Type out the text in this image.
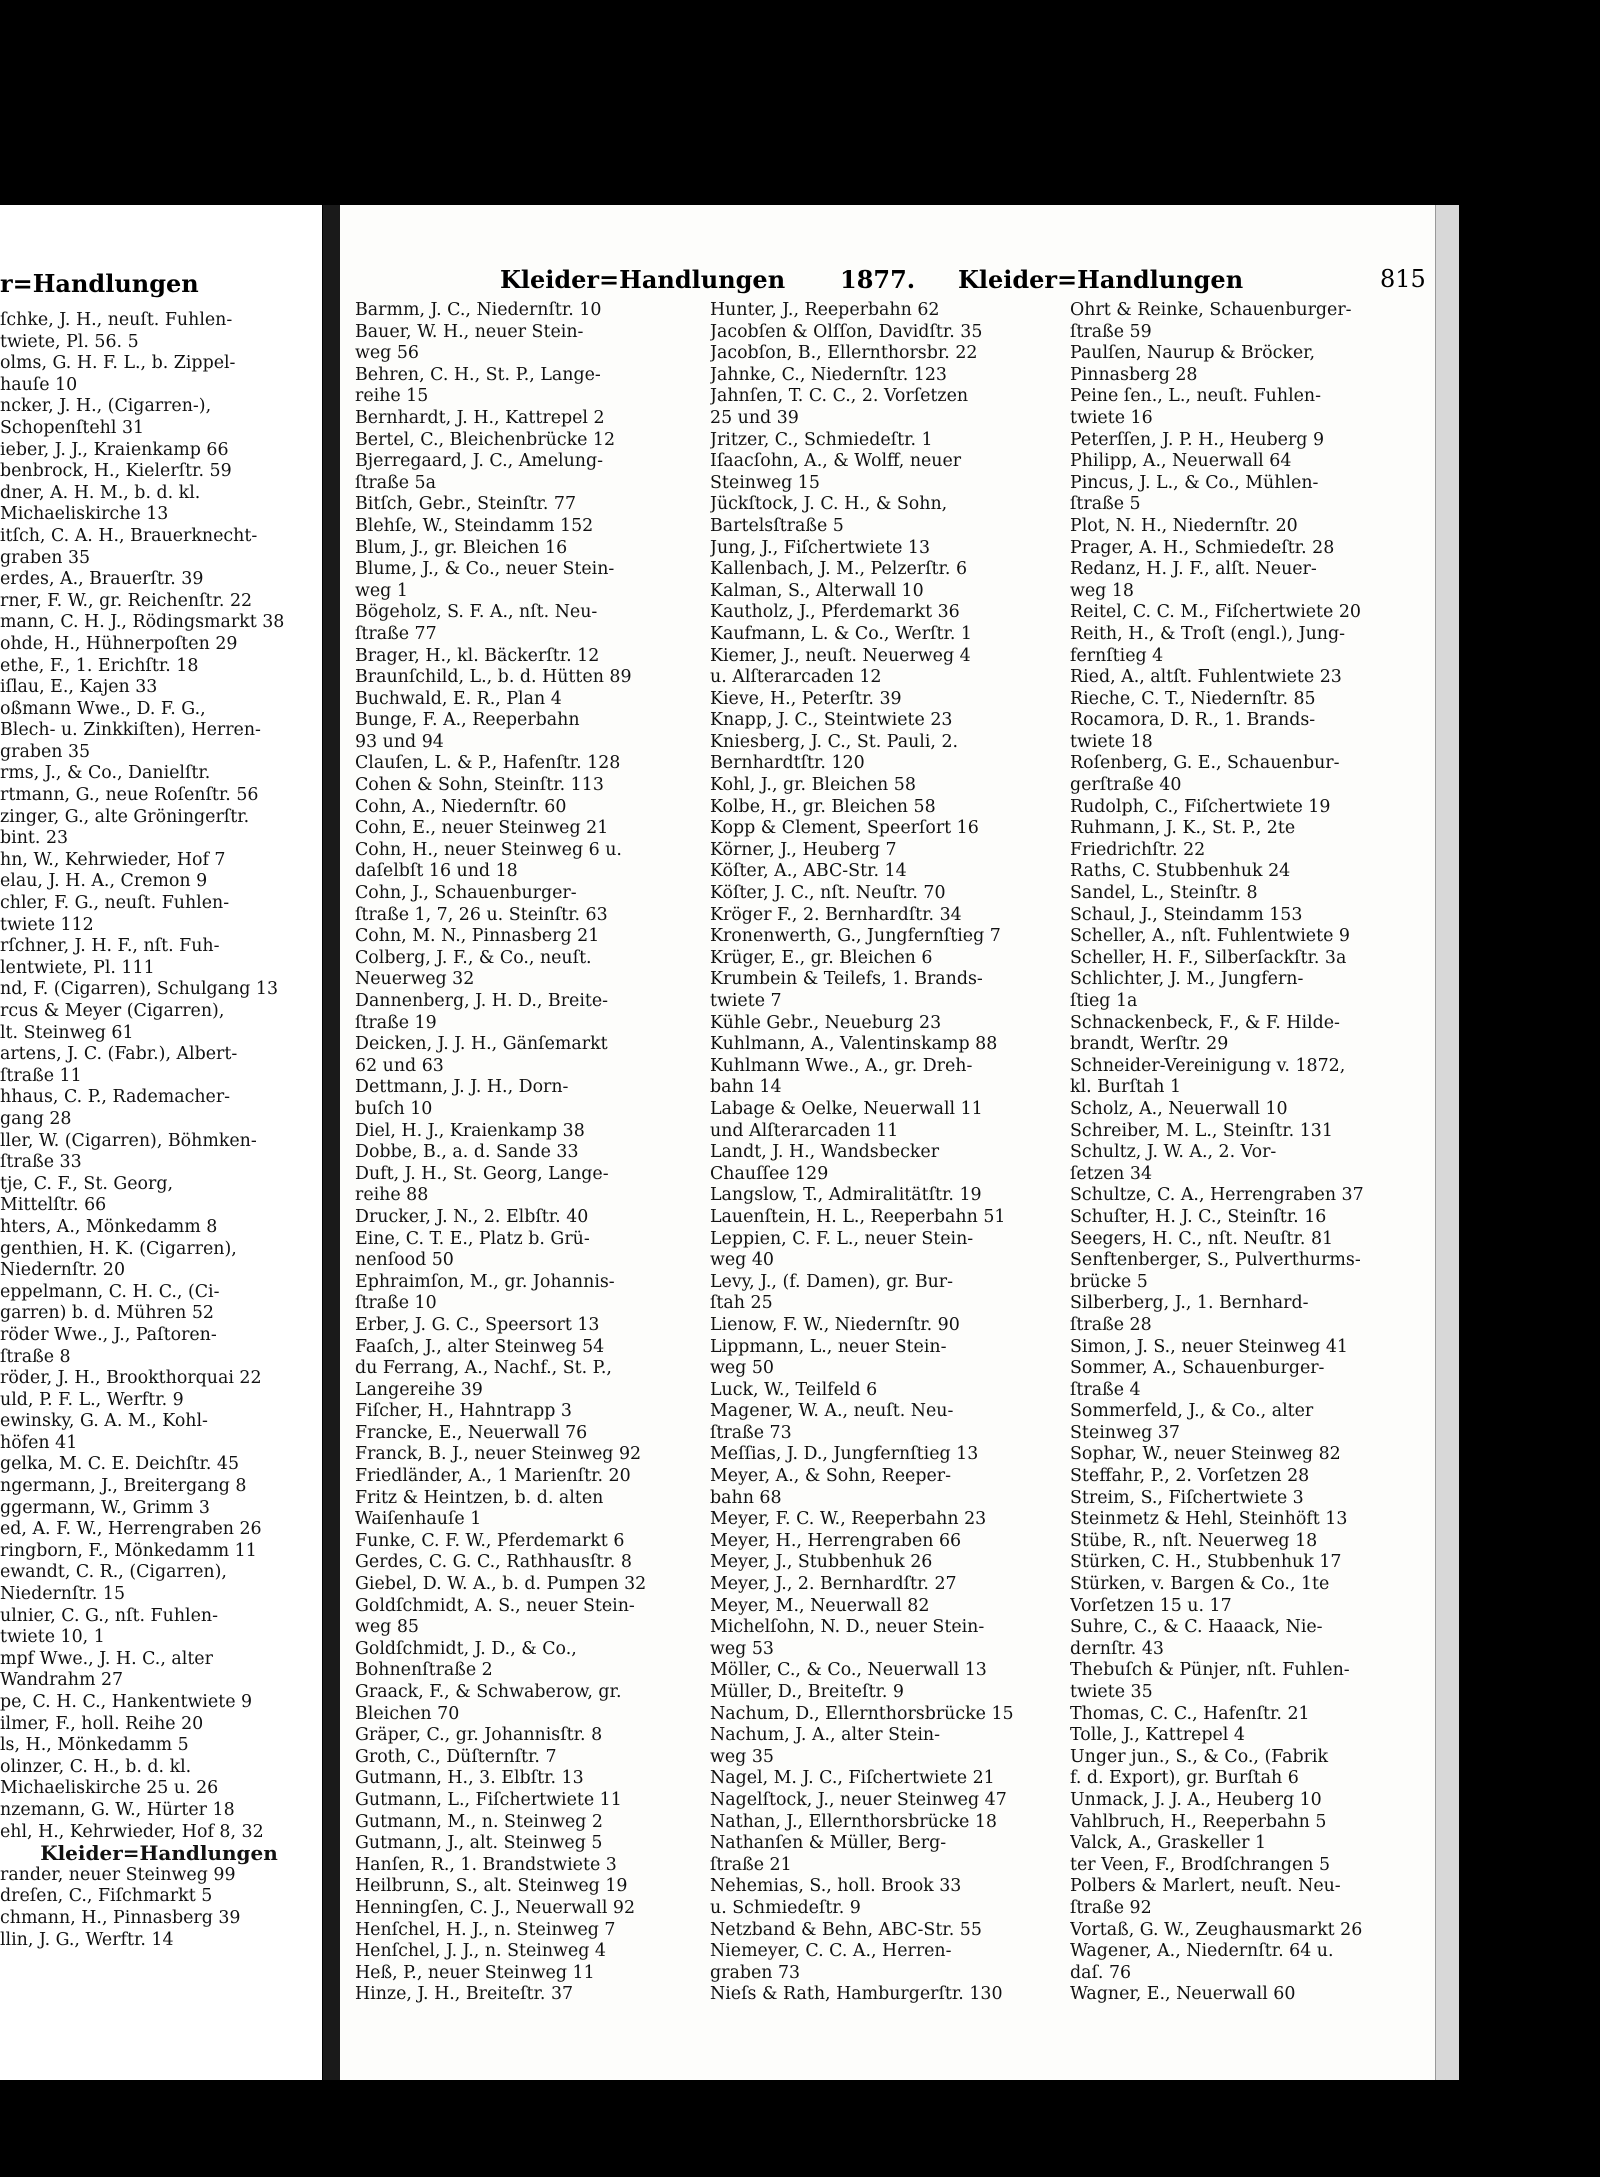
r=Handlungen
ſchke, J. H., neuſt. Fuhlen-
twiete, Pl. 56. 5
olms, G. H. F. L., b. Zippel-
hauſe 10
ncker, J. H., (Cigarren-),
Schopenſtehl 31
ieber, J. J., Kraienkamp 66
benbrock, H., Kielerſtr. 59
dner, A. H. M., b. d. kl.
Michaeliskirche 13
itſch, C. A. H., Brauerknecht-
graben 35
erdes, A., Brauerſtr. 39
rner, F. W., gr. Reichenſtr. 22
mann, C. H. J., Rödingsmarkt 38
ohde, H., Hühnerpoſten 29
ethe, F., 1. Erichſtr. 18
iſlau, E., Kajen 33
oßmann Wwe., D. F. G.,
Blech- u. Zinkkiſten), Herren-
graben 35
rms, J., & Co., Danielſtr.
rtmann, G., neue Roſenſtr. 56
zinger, G., alte Gröningerſtr.
bint. 23
hn, W., Kehrwieder, Hof 7
elau, J. H. A., Cremon 9
chler, F. G., neuſt. Fuhlen-
twiete 112
rſchner, J. H. F., nſt. Fuh-
lentwiete, Pl. 111
nd, F. (Cigarren), Schulgang 13
rcus & Meyer (Cigarren),
lt. Steinweg 61
artens, J. C. (Fabr.), Albert-
ſtraße 11
hhaus, C. P., Rademacher-
gang 28
ller, W. (Cigarren), Böhmken-
ſtraße 33
tje, C. F., St. Georg,
Mittelſtr. 66
hters, A., Mönkedamm 8
genthien, H. K. (Cigarren),
Niedernſtr. 20
eppelmann, C. H. C., (Ci-
garren) b. d. Mühren 52
röder Wwe., J., Paſtoren-
ſtraße 8
röder, J. H., Brookthorquai 22
uld, P. F. L., Werftr. 9
ewinsky, G. A. M., Kohl-
höfen 41
gelka, M. C. E. Deichſtr. 45
ngermann, J., Breitergang 8
ggermann, W., Grimm 3
ed, A. F. W., Herrengraben 26
ringborn, F., Mönkedamm 11
ewandt, C. R., (Cigarren),
Niedernſtr. 15
ulnier, C. G., nſt. Fuhlen-
twiete 10, 1
mpf Wwe., J. H. C., alter
Wandrahm 27
pe, C. H. C., Hankentwiete 9
ilmer, F., holl. Reihe 20
ls, H., Mönkedamm 5
olinzer, C. H., b. d. kl.
Michaeliskirche 25 u. 26
nzemann, G. W., Hürter 18
ehl, H., Kehrwieder, Hof 8, 32
Kleider=Handlungen
rander, neuer Steinweg 99
dreſen, C., Fiſchmarkt 5
chmann, H., Pinnasberg 39
llin, J. G., Werftr. 14
Kleider=Handlungen 1877. Kleider=Handlungen	815
Barmm, J. C., Niedernſtr. 10
Bauer, W. H., neuer Stein-
weg 56
Behren, C. H., St. P., Lange-
reihe 15
Bernhardt, J. H., Kattrepel 2
Bertel, C., Bleichenbrücke 12
Bjerregaard, J. C., Amelung-
ſtraße 5a
Bitſch, Gebr., Steinſtr. 77
Blehſe, W., Steindamm 152
Blum, J., gr. Bleichen 16
Blume, J., & Co., neuer Stein-
weg 1
Bögeholz, S. F. A., nſt. Neu-
ſtraße 77
Brager, H., kl. Bäckerſtr. 12
Braunſchild, L., b. d. Hütten 89
Buchwald, E. R., Plan 4
Bunge, F. A., Reeperbahn
93 und 94
Clauſen, L. & P., Hafenſtr. 128
Cohen & Sohn, Steinſtr. 113
Cohn, A., Niedernſtr. 60
Cohn, E., neuer Steinweg 21
Cohn, H., neuer Steinweg 6 u.
daſelbſt 16 und 18
Cohn, J., Schauenburger-
ſtraße 1, 7, 26 u. Steinſtr. 63
Cohn, M. N., Pinnasberg 21
Colberg, J. F., & Co., neuſt.
Neuerweg 32
Dannenberg, J. H. D., Breite-
ſtraße 19
Deicken, J. J. H., Gänſemarkt
62 und 63
Dettmann, J. J. H., Dorn-
buſch 10
Diel, H. J., Kraienkamp 38
Dobbe, B., a. d. Sande 33
Duft, J. H., St. Georg, Lange-
reihe 88
Drucker, J. N., 2. Elbſtr. 40
Eine, C. T. E., Platz b. Grü-
nenſood 50
Ephraimſon, M., gr. Johannis-
ſtraße 10
Erber, J. G. C., Speersort 13
Faaſch, J., alter Steinweg 54
du Ferrang, A., Nachf., St. P.,
Langereihe 39
Fiſcher, H., Hahntrapp 3
Francke, E., Neuerwall 76
Franck, B. J., neuer Steinweg 92
Friedländer, A., 1 Marienſtr. 20
Fritz & Heintzen, b. d. alten
Waiſenhauſe 1
Funke, C. F. W., Pferdemarkt 6
Gerdes, C. G. C., Rathhausſtr. 8
Giebel, D. W. A., b. d. Pumpen 32
Goldſchmidt, A. S., neuer Stein-
weg 85
Goldſchmidt, J. D., & Co.,
Bohnenſtraße 2
Graack, F., & Schwaberow, gr.
Bleichen 70
Gräper, C., gr. Johannisſtr. 8
Groth, C., Düſternſtr. 7
Gutmann, H., 3. Elbſtr. 13
Gutmann, L., Fiſchertwiete 11
Gutmann, M., n. Steinweg 2
Gutmann, J., alt. Steinweg 5
Hanſen, R., 1. Brandstwiete 3
Heilbrunn, S., alt. Steinweg 19
Henningſen, C. J., Neuerwall 92
Henſchel, H. J., n. Steinweg 7
Henſchel, J. J., n. Steinweg 4
Heß, P., neuer Steinweg 11
Hinze, J. H., Breiteſtr. 37
Hunter, J., Reeperbahn 62
Jacobſen & Olſſon, Davidſtr. 35
Jacobſon, B., Ellernthorsbr. 22
Jahnke, C., Niedernſtr. 123
Jahnſen, T. C. C., 2. Vorſetzen
25 und 39
Jritzer, C., Schmiedeſtr. 1
Iſaacſohn, A., & Wolff, neuer
Steinweg 15
Jückſtock, J. C. H., & Sohn,
Bartelsſtraße 5
Jung, J., Fiſchertwiete 13
Kallenbach, J. M., Pelzerſtr. 6
Kalman, S., Alterwall 10
Kautholz, J., Pferdemarkt 36
Kaufmann, L. & Co., Werſtr. 1
Kiemer, J., neuſt. Neuerweg 4
u. Alſterarcaden 12
Kieve, H., Peterſtr. 39
Knapp, J. C., Steintwiete 23
Kniesberg, J. C., St. Pauli, 2.
Bernhardtſtr. 120
Kohl, J., gr. Bleichen 58
Kolbe, H., gr. Bleichen 58
Kopp & Clement, Speerſort 16
Körner, J., Heuberg 7
Köſter, A., ABC-Str. 14
Köſter, J. C., nſt. Neuſtr. 70
Kröger F., 2. Bernhardſtr. 34
Kronenwerth, G., Jungfernſtieg 7
Krüger, E., gr. Bleichen 6
Krumbein & Teilefs, 1. Brands-
twiete 7
Kühle Gebr., Neueburg 23
Kuhlmann, A., Valentinskamp 88
Kuhlmann Wwe., A., gr. Dreh-
bahn 14
Labage & Oelke, Neuerwall 11
und Alſterarcaden 11
Landt, J. H., Wandsbecker
Chauſſee 129
Langslow, T., Admiralitätſtr. 19
Lauenſtein, H. L., Reeperbahn 51
Leppien, C. F. L., neuer Stein-
weg 40
Levy, J., (f. Damen), gr. Bur-
ſtah 25
Lienow, F. W., Niedernſtr. 90
Lippmann, L., neuer Stein-
weg 50
Luck, W., Teilfeld 6
Magener, W. A., neuſt. Neu-
ſtraße 73
Meſſias, J. D., Jungfernſtieg 13
Meyer, A., & Sohn, Reeper-
bahn 68
Meyer, F. C. W., Reeperbahn 23
Meyer, H., Herrengraben 66
Meyer, J., Stubbenhuk 26
Meyer, J., 2. Bernhardſtr. 27
Meyer, M., Neuerwall 82
Michelſohn, N. D., neuer Stein-
weg 53
Möller, C., & Co., Neuerwall 13
Müller, D., Breiteſtr. 9
Nachum, D., Ellernthorsbrücke 15
Nachum, J. A., alter Stein-
weg 35
Nagel, M. J. C., Fiſchertwiete 21
Nagelſtock, J., neuer Steinweg 47
Nathan, J., Ellernthorsbrücke 18
Nathanſen & Müller, Berg-
ſtraße 21
Nehemias, S., holl. Brook 33
u. Schmiedeſtr. 9
Netzband & Behn, ABC-Str. 55
Niemeyer, C. C. A., Herren-
graben 73
Nieſs & Rath, Hamburgerſtr. 130
Ohrt & Reinke, Schauenburger-
ſtraße 59
Paulſen, Naurup & Bröcker,
Pinnasberg 28
Peine ſen., L., neuſt. Fuhlen-
twiete 16
Peterſſen, J. P. H., Heuberg 9
Philipp, A., Neuerwall 64
Pincus, J. L., & Co., Mühlen-
ſtraße 5
Plot, N. H., Niedernſtr. 20
Prager, A. H., Schmiedeſtr. 28
Redanz, H. J. F., alſt. Neuer-
weg 18
Reitel, C. C. M., Fiſchertwiete 20
Reith, H., & Troſt (engl.), Jung-
fernſtieg 4
Ried, A., altſt. Fuhlentwiete 23
Rieche, C. T., Niedernſtr. 85
Rocamora, D. R., 1. Brands-
twiete 18
Roſenberg, G. E., Schauenbur-
gerſtraße 40
Rudolph, C., Fiſchertwiete 19
Ruhmann, J. K., St. P., 2te
Friedrichſtr. 22
Raths, C. Stubbenhuk 24
Sandel, L., Steinſtr. 8
Schaul, J., Steindamm 153
Scheller, A., nſt. Fuhlentwiete 9
Scheller, H. F., Silberſackſtr. 3a
Schlichter, J. M., Jungfern-
ſtieg 1a
Schnackenbeck, F., & F. Hilde-
brandt, Werſtr. 29
Schneider-Vereinigung v. 1872,
kl. Burſtah 1
Scholz, A., Neuerwall 10
Schreiber, M. L., Steinſtr. 131
Schultz, J. W. A., 2. Vor-
ſetzen 34
Schultze, C. A., Herrengraben 37
Schuſter, H. J. C., Steinſtr. 16
Seegers, H. C., nſt. Neuſtr. 81
Senftenberger, S., Pulverthurms-
brücke 5
Silberberg, J., 1. Bernhard-
ſtraße 28
Simon, J. S., neuer Steinweg 41
Sommer, A., Schauenburger-
ſtraße 4
Sommerfeld, J., & Co., alter
Steinweg 37
Sophar, W., neuer Steinweg 82
Steffahr, P., 2. Vorſetzen 28
Streim, S., Fiſchertwiete 3
Steinmetz & Hehl, Steinhöft 13
Stübe, R., nſt. Neuerweg 18
Stürken, C. H., Stubbenhuk 17
Stürken, v. Bargen & Co., 1te
Vorſetzen 15 u. 17
Suhre, C., & C. Haaack, Nie-
dernſtr. 43
Thebuſch & Pünjer, nſt. Fuhlen-
twiete 35
Thomas, C. C., Hafenſtr. 21
Tolle, J., Kattrepel 4
Unger jun., S., & Co., (Fabrik
f. d. Export), gr. Burſtah 6
Unmack, J. J. A., Heuberg 10
Vahlbruch, H., Reeperbahn 5
Valck, A., Graskeller 1
ter Veen, F., Brodſchrangen 5
Polbers & Marlert, neuſt. Neu-
ſtraße 92
Vortaß, G. W., Zeughausmarkt 26
Wagener, A., Niedernſtr. 64 u.
daſ. 76
Wagner, E., Neuerwall 60
